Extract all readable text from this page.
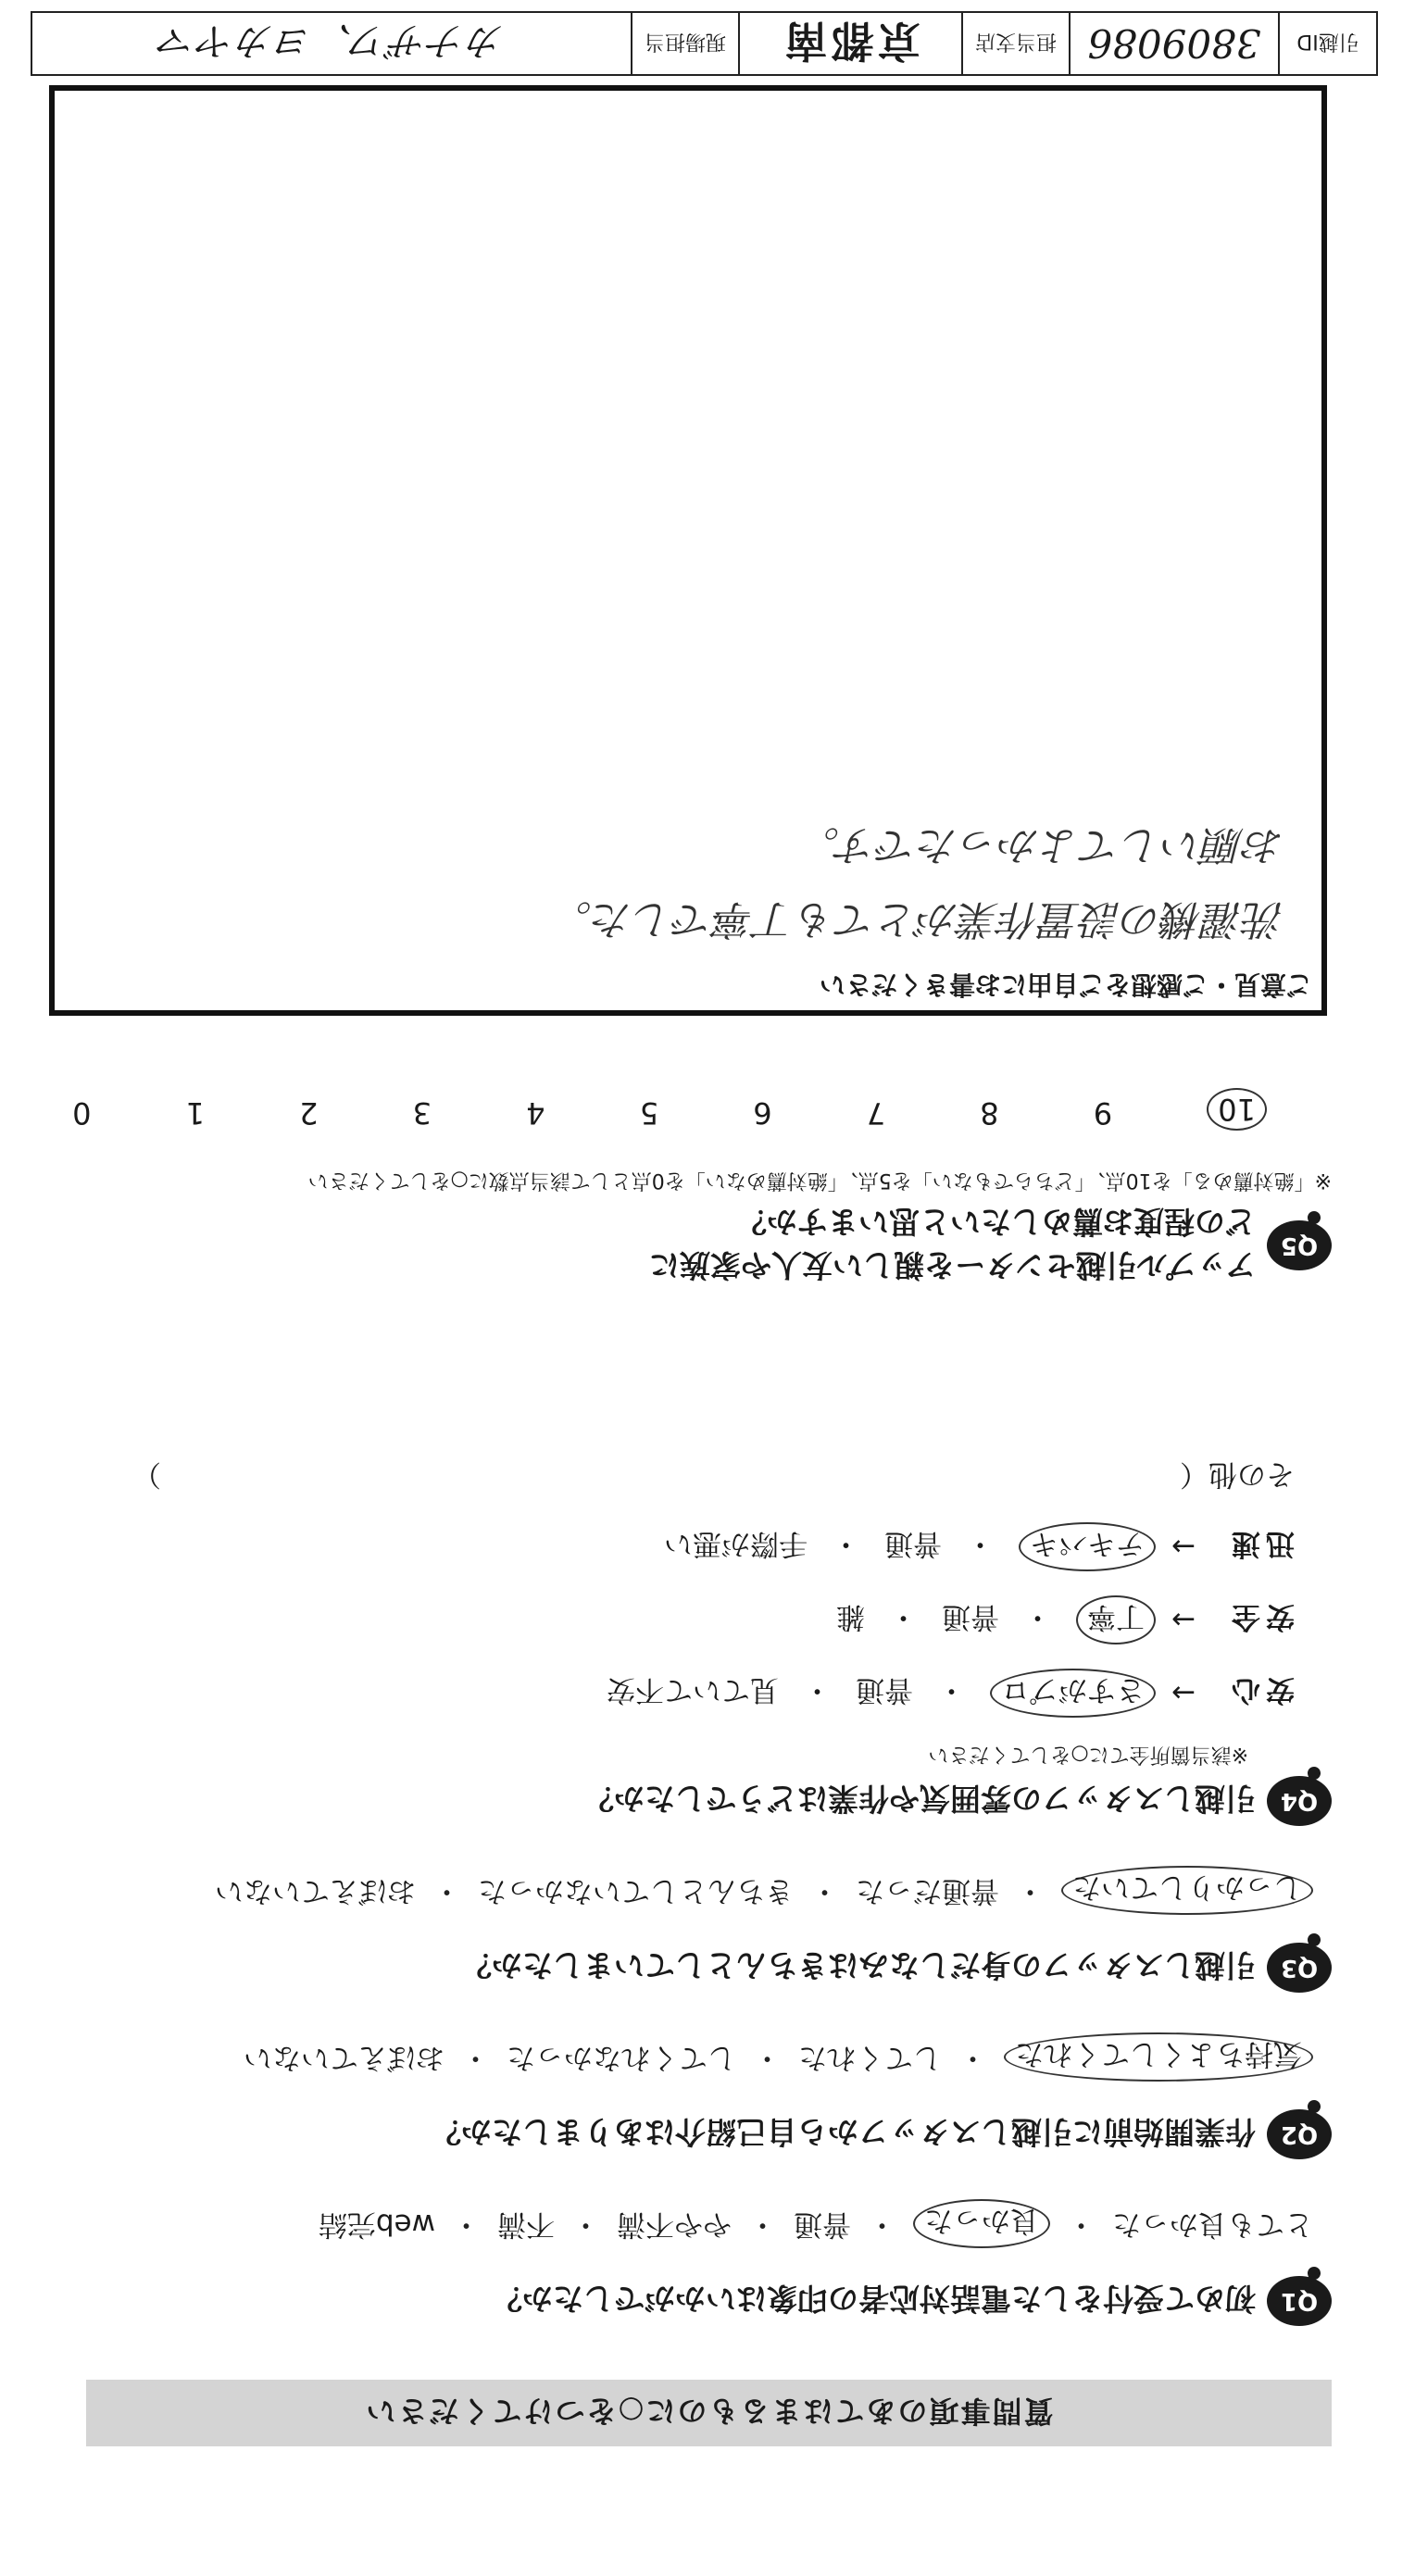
質問事項のあてはまるものに○をつけてください
Q1
初めて受付をした電話対応者の印象はいかがでしたか？
とても良かった
・
良かった
・
普通
・
やや不満
・
不満
・
web完結
Q2
作業開始前に引越しスタッフから自己紹介はありましたか？
気持ちよくしてくれた
・
してくれた
・
してくれなかった
・
おぼえていない
Q3
引越しスタッフの身だしなみはきちんとしていましたか？
しっかりしていた
・
普通だった
・
きちんとしていなかった
・
おぼえていない
Q4
引越しスタッフの雰囲気や作業はどうでしたか？
※該当箇所全てに○をしてください
安心
→
さすがプロ
・
普通
・
見ていて不安
安全
→
丁寧
・
普通
・
雑
迅速
→
テキパキ
・
普通
・
手際が悪い
その他（
）
Q5
アップル引越センターを親しい友人や家族に
どの程度お薦めしたいと思いますか？
※「絶対薦める」を10点、「どちらでもない」を5点、「絶対薦めない」を0点として該当点数に○をしてください
10
9
8
7
6
5
4
3
2
1
0
ご意見・ご感想をご自由にお書きください
洗濯機の設置作業がとても丁寧でした。
お願いしてよかったです。
引越ID
3809086
担当支店
京都南
現場担当
カナザワ、ヨカヤマ
